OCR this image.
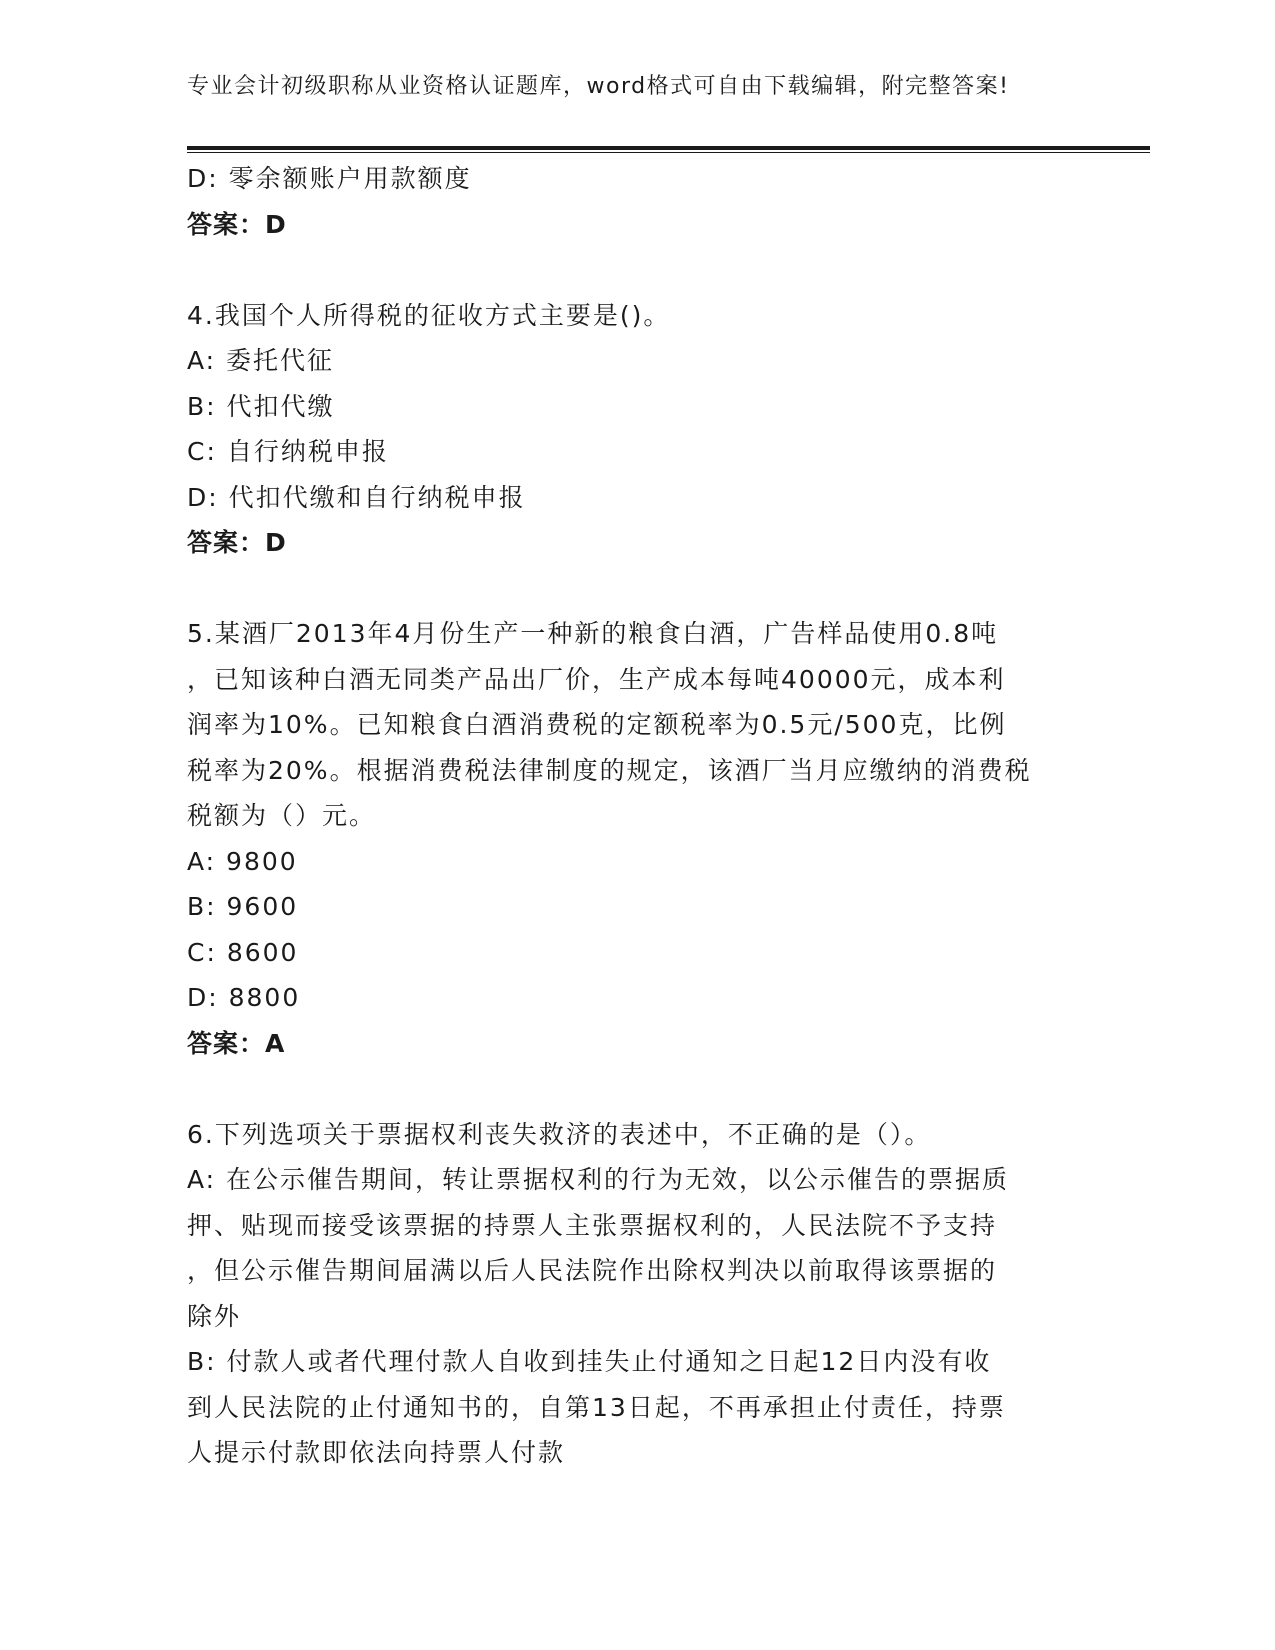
专业会计初级职称从业资格认证题库，word格式可自由下载编辑，附完整答案!
D: 零余额账户用款额度
答案：D
4.我国个人所得税的征收方式主要是()。
A: 委托代征
B: 代扣代缴
C: 自行纳税申报
D: 代扣代缴和自行纳税申报
答案：D
5.某酒厂2013年4月份生产一种新的粮食白酒，广告样品使用0.8吨
，已知该种白酒无同类产品出厂价，生产成本每吨40000元，成本利
润率为10%。已知粮食白酒消费税的定额税率为0.5元/500克，比例
税率为20%。根据消费税法律制度的规定，该酒厂当月应缴纳的消费税
税额为（）元。
A: 9800
B: 9600
C: 8600
D: 8800
答案：A
6.下列选项关于票据权利丧失救济的表述中，不正确的是（）。
A: 在公示催告期间，转让票据权利的行为无效，以公示催告的票据质
押、贴现而接受该票据的持票人主张票据权利的，人民法院不予支持
，但公示催告期间届满以后人民法院作出除权判决以前取得该票据的
除外
B: 付款人或者代理付款人自收到挂失止付通知之日起12日内没有收
到人民法院的止付通知书的，自第13日起，不再承担止付责任，持票
人提示付款即依法向持票人付款
